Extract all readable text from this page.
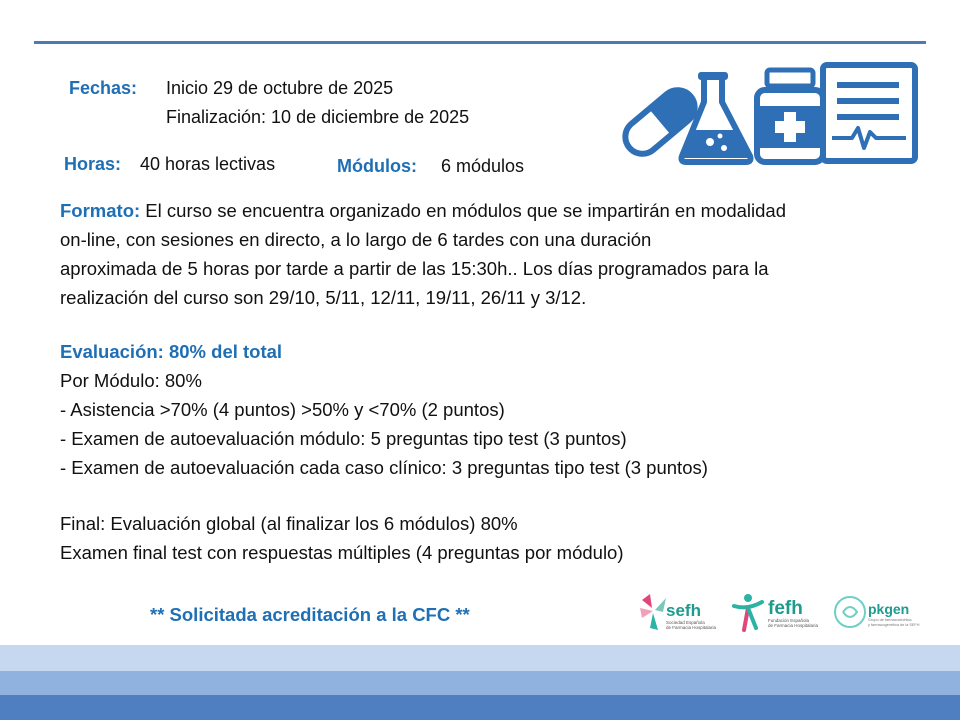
Fechas: Inicio 29 de octubre de 2025
Finalización: 10 de diciembre de 2025
Horas: 40 horas lectivas	Módulos: 6 módulos
Formato: El curso se encuentra organizado en módulos que se impartirán en modalidad
on-line, con sesiones en directo, a lo largo de 6 tardes con una duración
aproximada de 5 horas por tarde a partir de las 15:30h.. Los días programados para la
realización del curso son 29/10, 5/11, 12/11, 19/11, 26/11 y 3/12.
Evaluación: 80% del total
Por Módulo: 80%
- Asistencia >70% (4 puntos) >50% y <70% (2 puntos)
- Examen de autoevaluación módulo: 5 preguntas tipo test (3 puntos)
- Examen de autoevaluación cada caso clínico: 3 preguntas tipo test (3 puntos)
Final: Evaluación global (al finalizar los 6 módulos) 80%
Examen final test con respuestas múltiples (4 preguntas por módulo)
** Solicitada acreditación a la CFC **	sefh
Sociedad Española
de Farmacia Hospitalaria
fefh
Fundación Española
de Farmacia Hospitalaria
pkgen
Grupo de farmacocinética
y farmacogenética de la SEFH
